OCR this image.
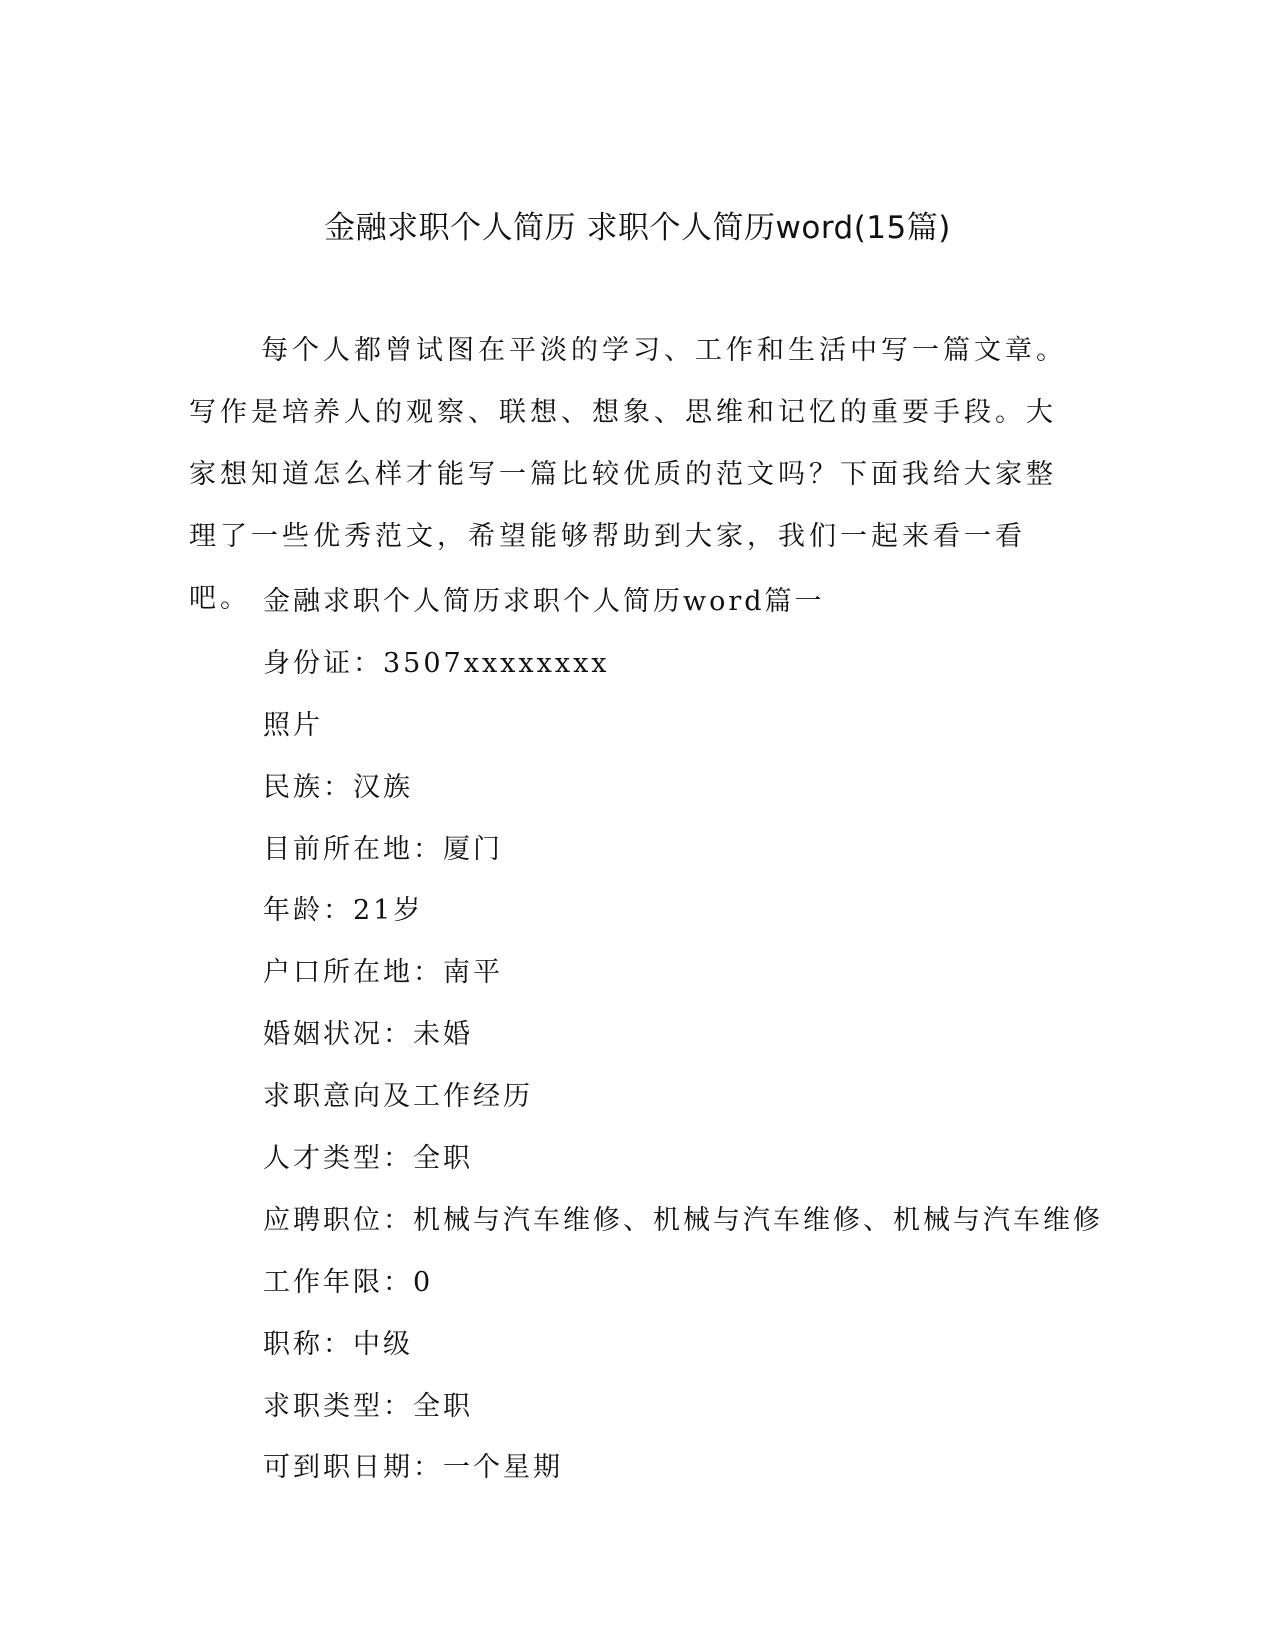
金融求职个人简历 求职个人简历word(15篇)

每个人都曾试图在平淡的学习、工作和生活中写一篇文章。写作是培养人的观察、联想、想象、思维和记忆的重要手段。大家想知道怎么样才能写一篇比较优质的范文吗？下面我给大家整理了一些优秀范文，希望能够帮助到大家，我们一起来看一看吧。 金融求职个人简历求职个人简历word篇一
身份证：3507xxxxxxxx
照片
民族：汉族
目前所在地：厦门
年龄：21岁
户口所在地：南平
婚姻状况：未婚
求职意向及工作经历
人才类型：全职
应聘职位：机械与汽车维修、机械与汽车维修、机械与汽车维修
工作年限：0
职称：中级
求职类型：全职
可到职日期：一个星期
